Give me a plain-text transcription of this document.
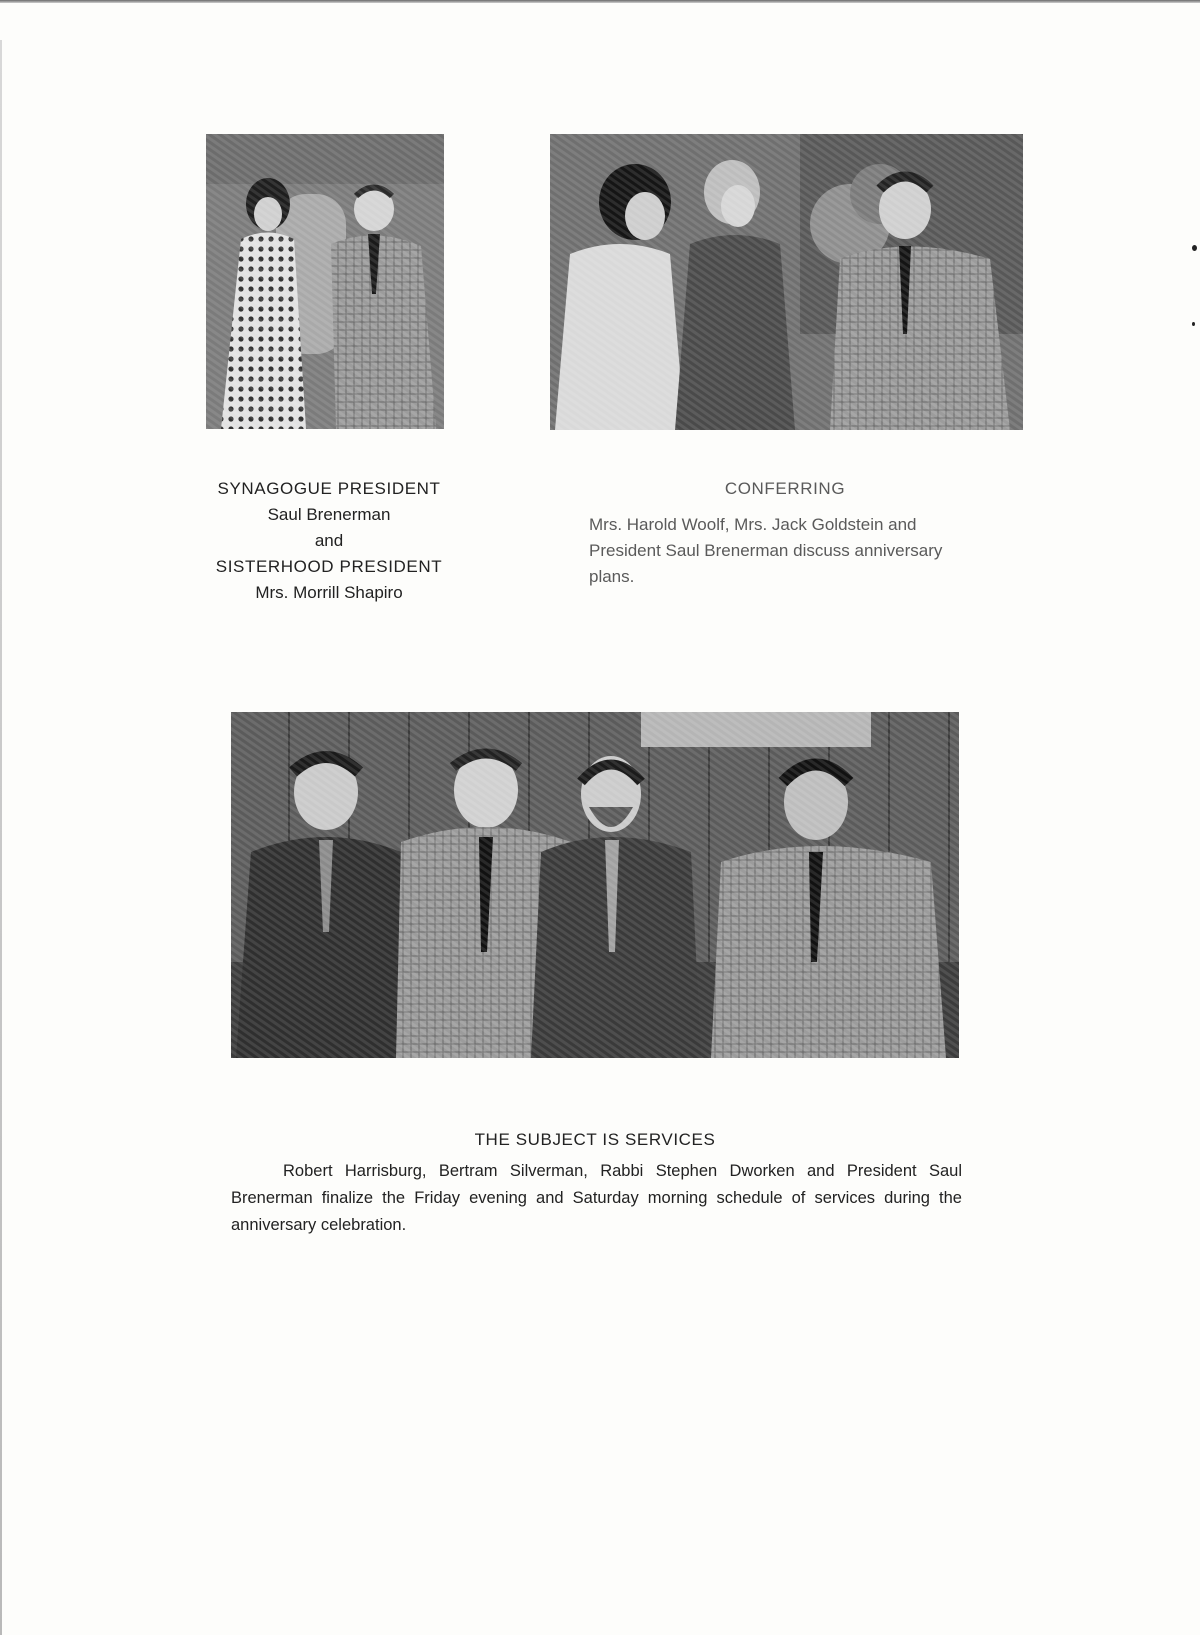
SYNAGOGUE PRESIDENT
Saul Brenerman
and
SISTERHOOD PRESIDENT
Mrs. Morrill Shapiro
CONFERRING
Mrs. Harold Woolf, Mrs. Jack Goldstein and President Saul Brenerman discuss anniversary plans.
THE SUBJECT IS SERVICES
Robert Harrisburg, Bertram Silverman, Rabbi Stephen Dworken and President Saul Brenerman finalize the Friday evening and Saturday morning schedule of services during the anniversary celebration.
